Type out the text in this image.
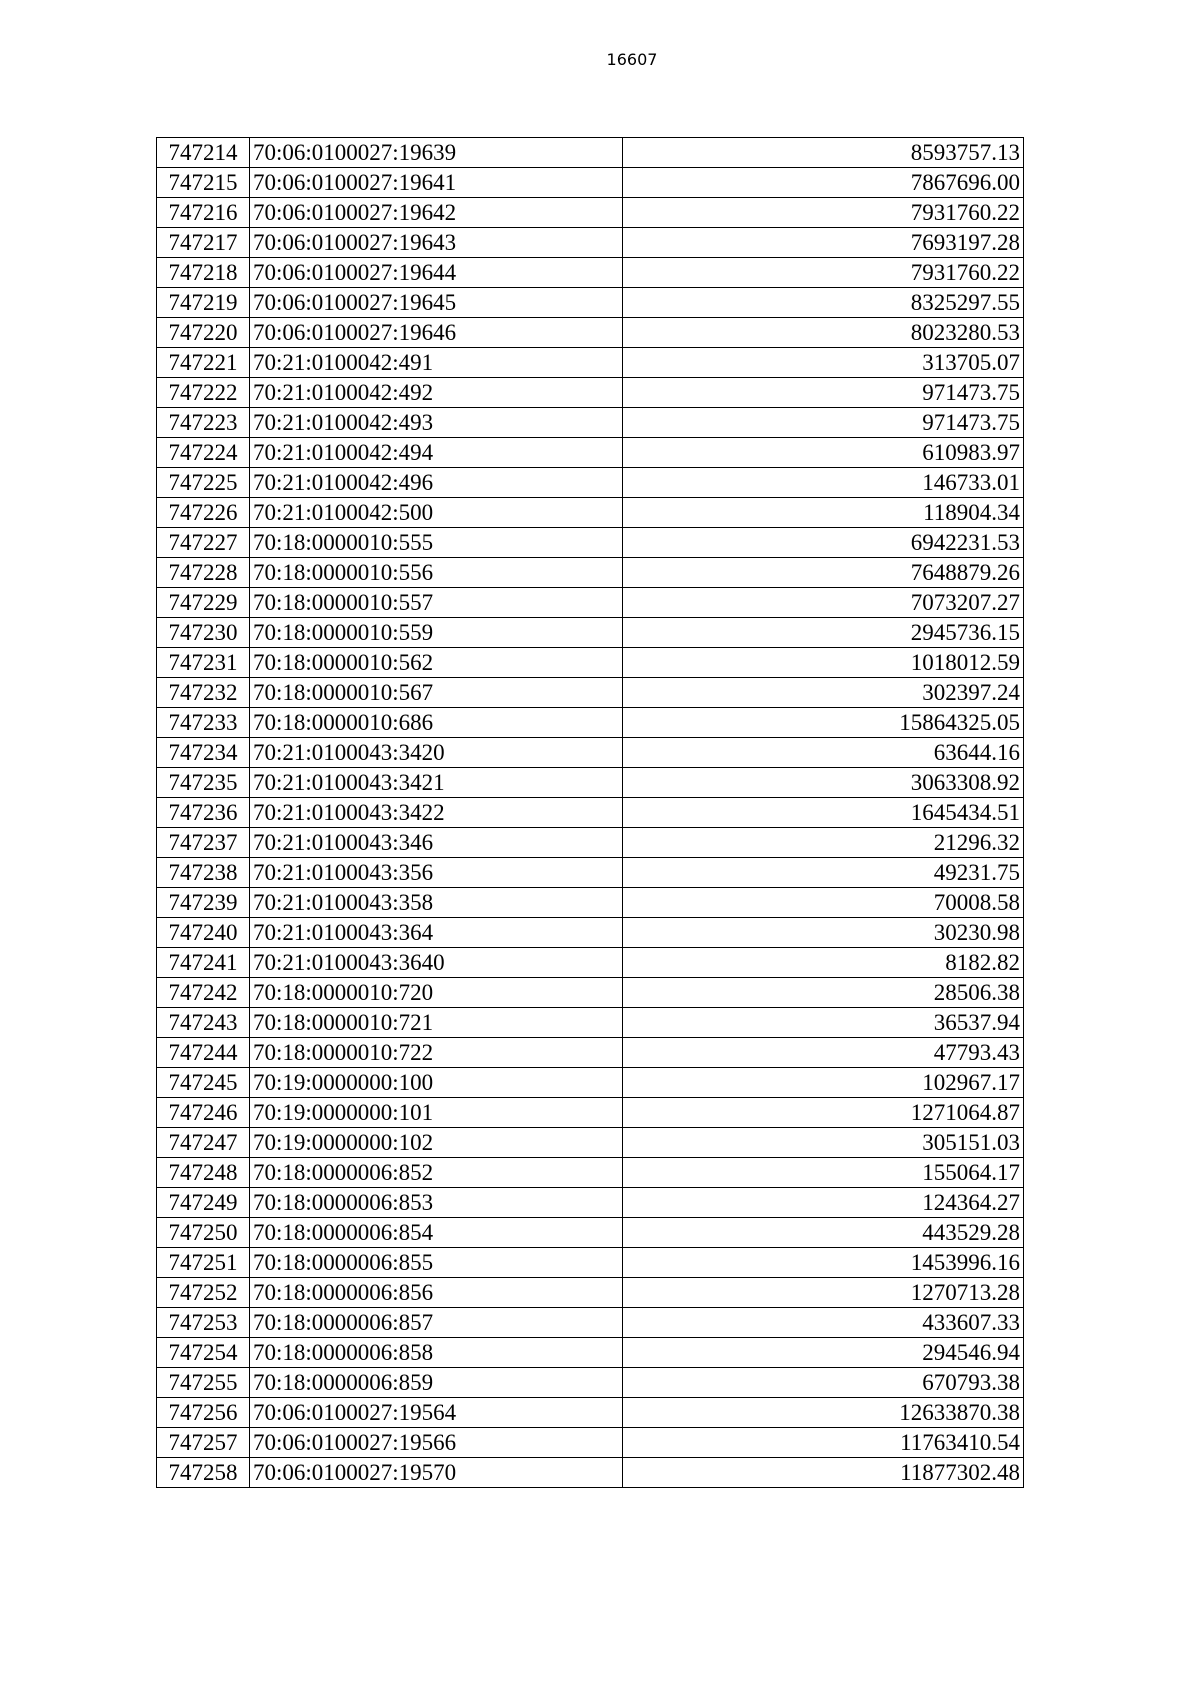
16607
747214	70:06:0100027:19639	8593757.13
747215	70:06:0100027:19641	7867696.00
747216	70:06:0100027:19642	7931760.22
747217	70:06:0100027:19643	7693197.28
747218	70:06:0100027:19644	7931760.22
747219	70:06:0100027:19645	8325297.55
747220	70:06:0100027:19646	8023280.53
747221	70:21:0100042:491	313705.07
747222	70:21:0100042:492	971473.75
747223	70:21:0100042:493	971473.75
747224	70:21:0100042:494	610983.97
747225	70:21:0100042:496	146733.01
747226	70:21:0100042:500	118904.34
747227	70:18:0000010:555	6942231.53
747228	70:18:0000010:556	7648879.26
747229	70:18:0000010:557	7073207.27
747230	70:18:0000010:559	2945736.15
747231	70:18:0000010:562	1018012.59
747232	70:18:0000010:567	302397.24
747233	70:18:0000010:686	15864325.05
747234	70:21:0100043:3420	63644.16
747235	70:21:0100043:3421	3063308.92
747236	70:21:0100043:3422	1645434.51
747237	70:21:0100043:346	21296.32
747238	70:21:0100043:356	49231.75
747239	70:21:0100043:358	70008.58
747240	70:21:0100043:364	30230.98
747241	70:21:0100043:3640	8182.82
747242	70:18:0000010:720	28506.38
747243	70:18:0000010:721	36537.94
747244	70:18:0000010:722	47793.43
747245	70:19:0000000:100	102967.17
747246	70:19:0000000:101	1271064.87
747247	70:19:0000000:102	305151.03
747248	70:18:0000006:852	155064.17
747249	70:18:0000006:853	124364.27
747250	70:18:0000006:854	443529.28
747251	70:18:0000006:855	1453996.16
747252	70:18:0000006:856	1270713.28
747253	70:18:0000006:857	433607.33
747254	70:18:0000006:858	294546.94
747255	70:18:0000006:859	670793.38
747256	70:06:0100027:19564	12633870.38
747257	70:06:0100027:19566	11763410.54
747258	70:06:0100027:19570	11877302.48
